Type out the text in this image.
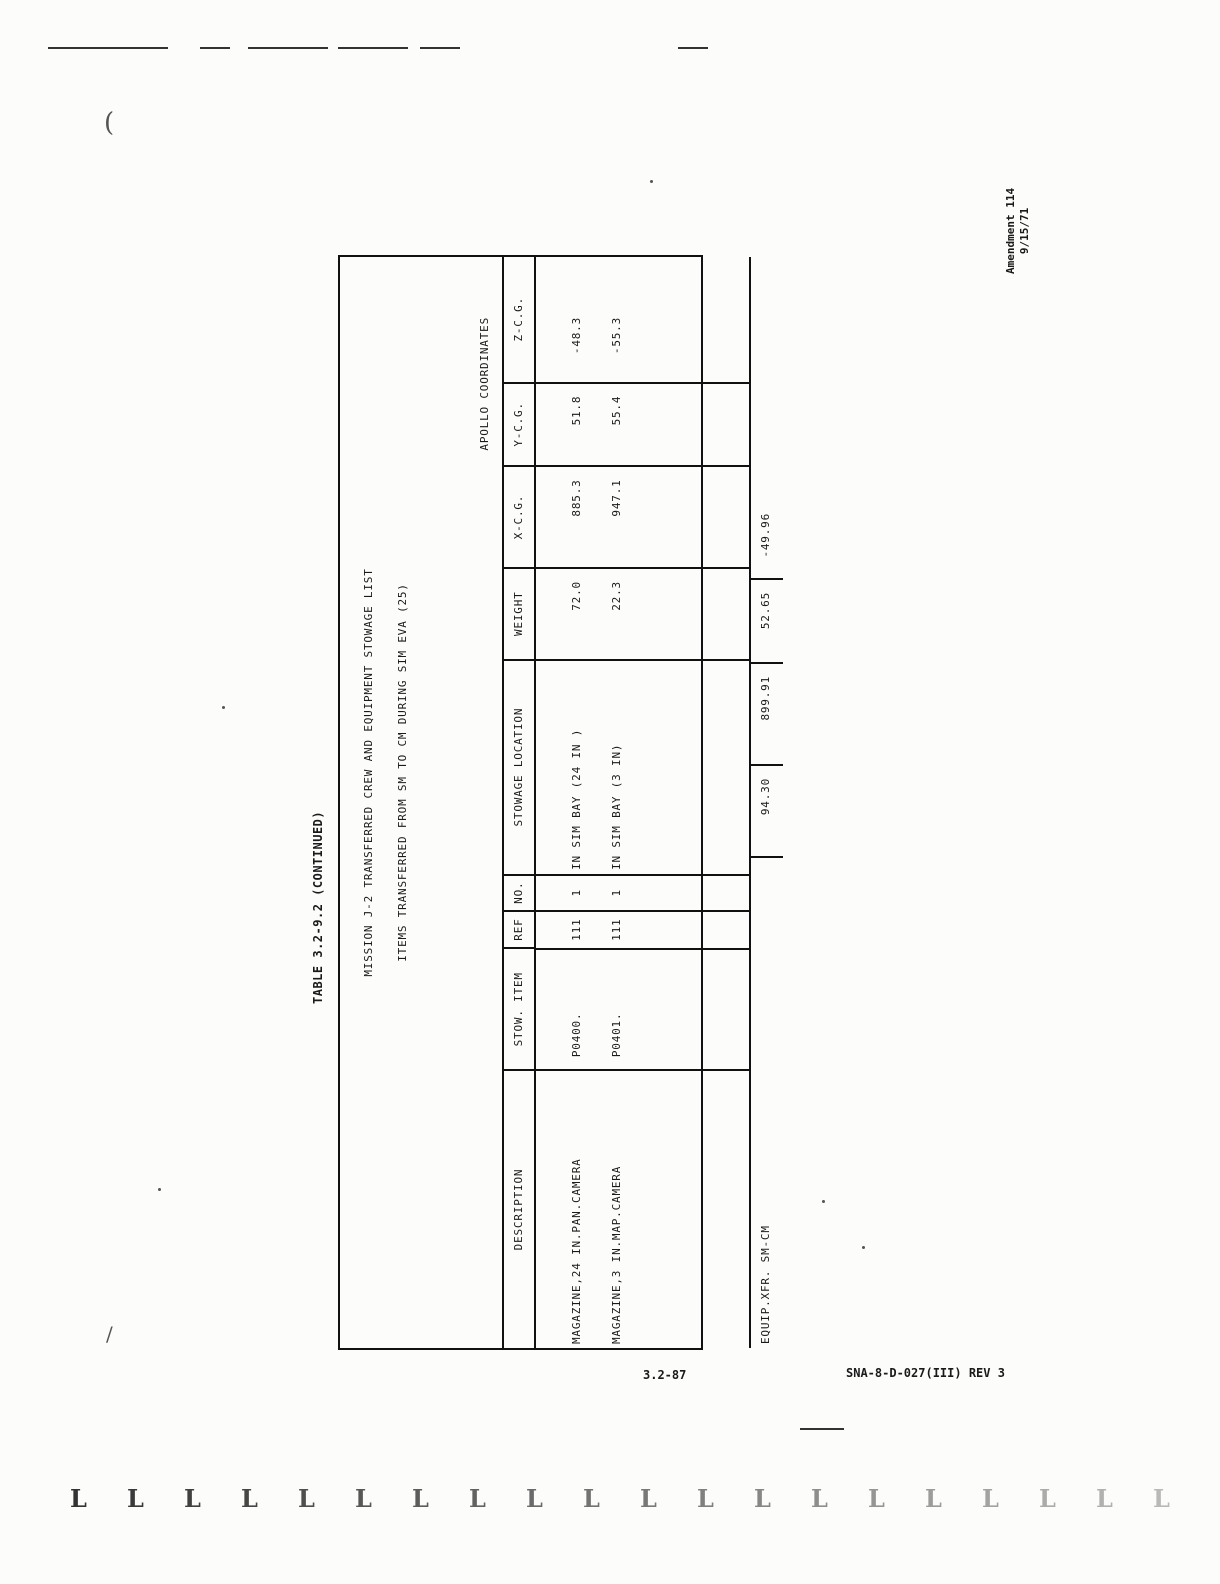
(
/
Amendment 114 9/15/71
TABLE 3.2-9.2 (CONTINUED)	MISSION J-2 TRANSFERRED CREW AND EQUIPMENT STOWAGE LIST ITEMS TRANSFERRED FROM SM TO CM DURING SIM EVA (25)
APOLLO COORDINATES
DESCRIPTION
STOW. ITEM
REF
NO.
STOWAGE LOCATION
WEIGHT
X-C.G.
Y-C.G.
Z-C.G.

MAGAZINE,24 IN.PAN.CAMERA

MAGAZINE,3 IN.MAP.CAMERA

P0400.

P0401.

111

111

1

1

IN SIM BAY (24 IN )

IN SIM BAY (3 IN)

72.0

22.3

885.3

947.1

51.8

55.4

-48.3

-55.3

EQUIP.XFR. SM-CM
94.30
899.91
52.65
-49.96
3.2-87	SNA-8-D-027(III) REV 3
L L L L L L L L L L L L L L L L L L L L
